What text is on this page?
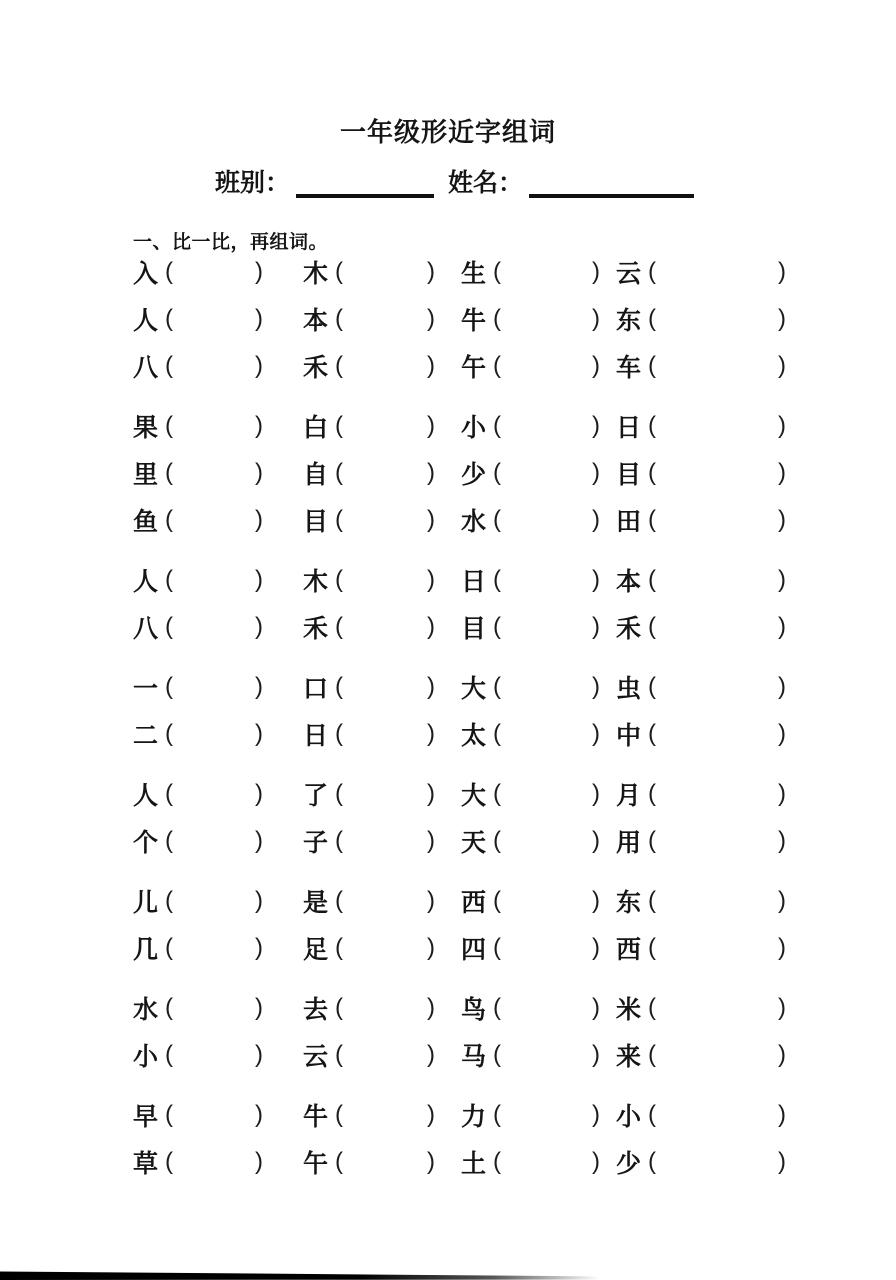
一年级形近字组词
班别：	姓名：
一、比一比，再组词。
入 (	) 木 (	) 生 (	) 云 (	)
人 (	) 本 (	) 牛 (	) 东 (	)
八 (	) 禾 (	) 午 (	) 车 (	)
果 (	) 白 (	) 小 (	) 日 (	)
里 (	) 自 (	) 少 (	) 目 (	)
鱼 (	) 目 (	) 水 (	) 田 (	)
人 (	) 木 (	) 日 (	) 本 (	)
八 (	) 禾 (	) 目 (	) 禾 (	)
一 (	) 口 (	) 大 (	) 虫 (	)
二 (	) 日 (	) 太 (	) 中 (	)
人 (	) 了 (	) 大 (	) 月 (	)
个 (	) 子 (	) 天 (	) 用 (	)
儿 (	) 是 (	) 西 (	) 东 (	)
几 (	) 足 (	) 四 (	) 西 (	)
水 (	) 去 (	) 鸟 (	) 米 (	)
小 (	) 云 (	) 马 (	) 来 (	)
早 (	) 牛 (	) 力 (	) 小 (	)
草 (	) 午 (	) 土 (	) 少 (	)
